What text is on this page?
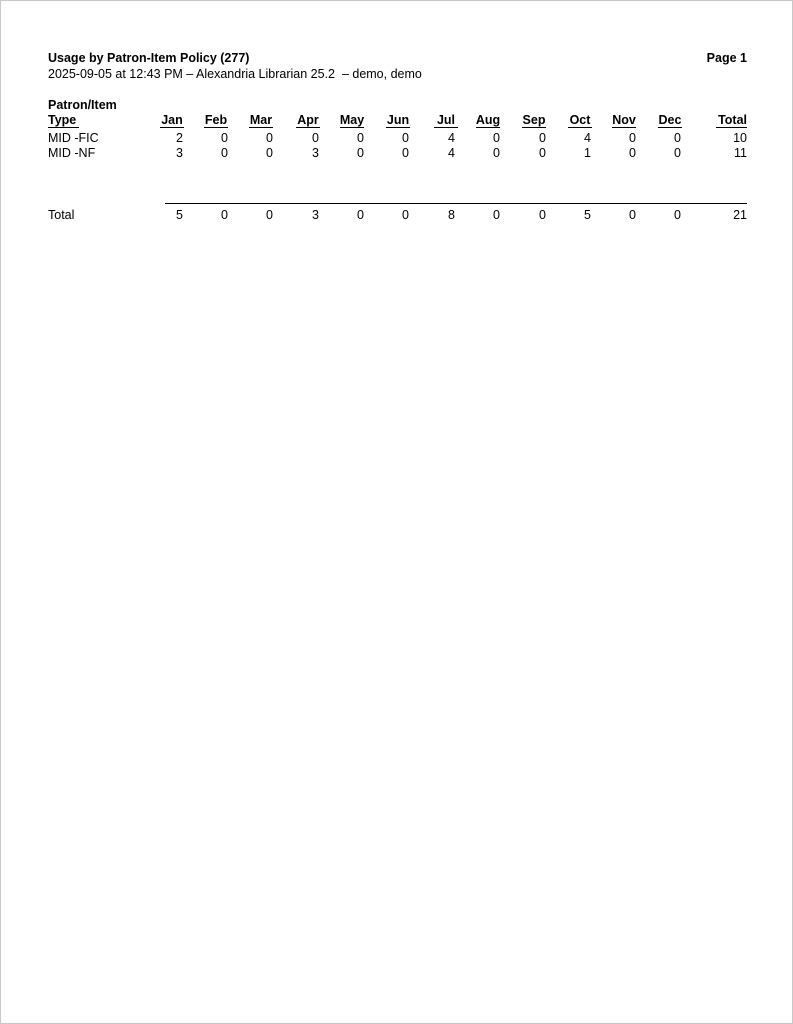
Usage by Patron-Item Policy (277)	Page 1
2025-09-05 at 12:43 PM – Alexandria Librarian 25.2  – demo, demo
Patron/Item
Type	Jan	Feb	Mar	Apr	May	Jun	Jul	Aug	Sep	Oct	Nov	Dec	Total
MID -FIC	2	0	0	0	0	0	4	0	0	4	0	0	10
MID -NF	3	0	0	3	0	0	4	0	0	1	0	0	11
Total	5	0	0	3	0	0	8	0	0	5	0	0	21
